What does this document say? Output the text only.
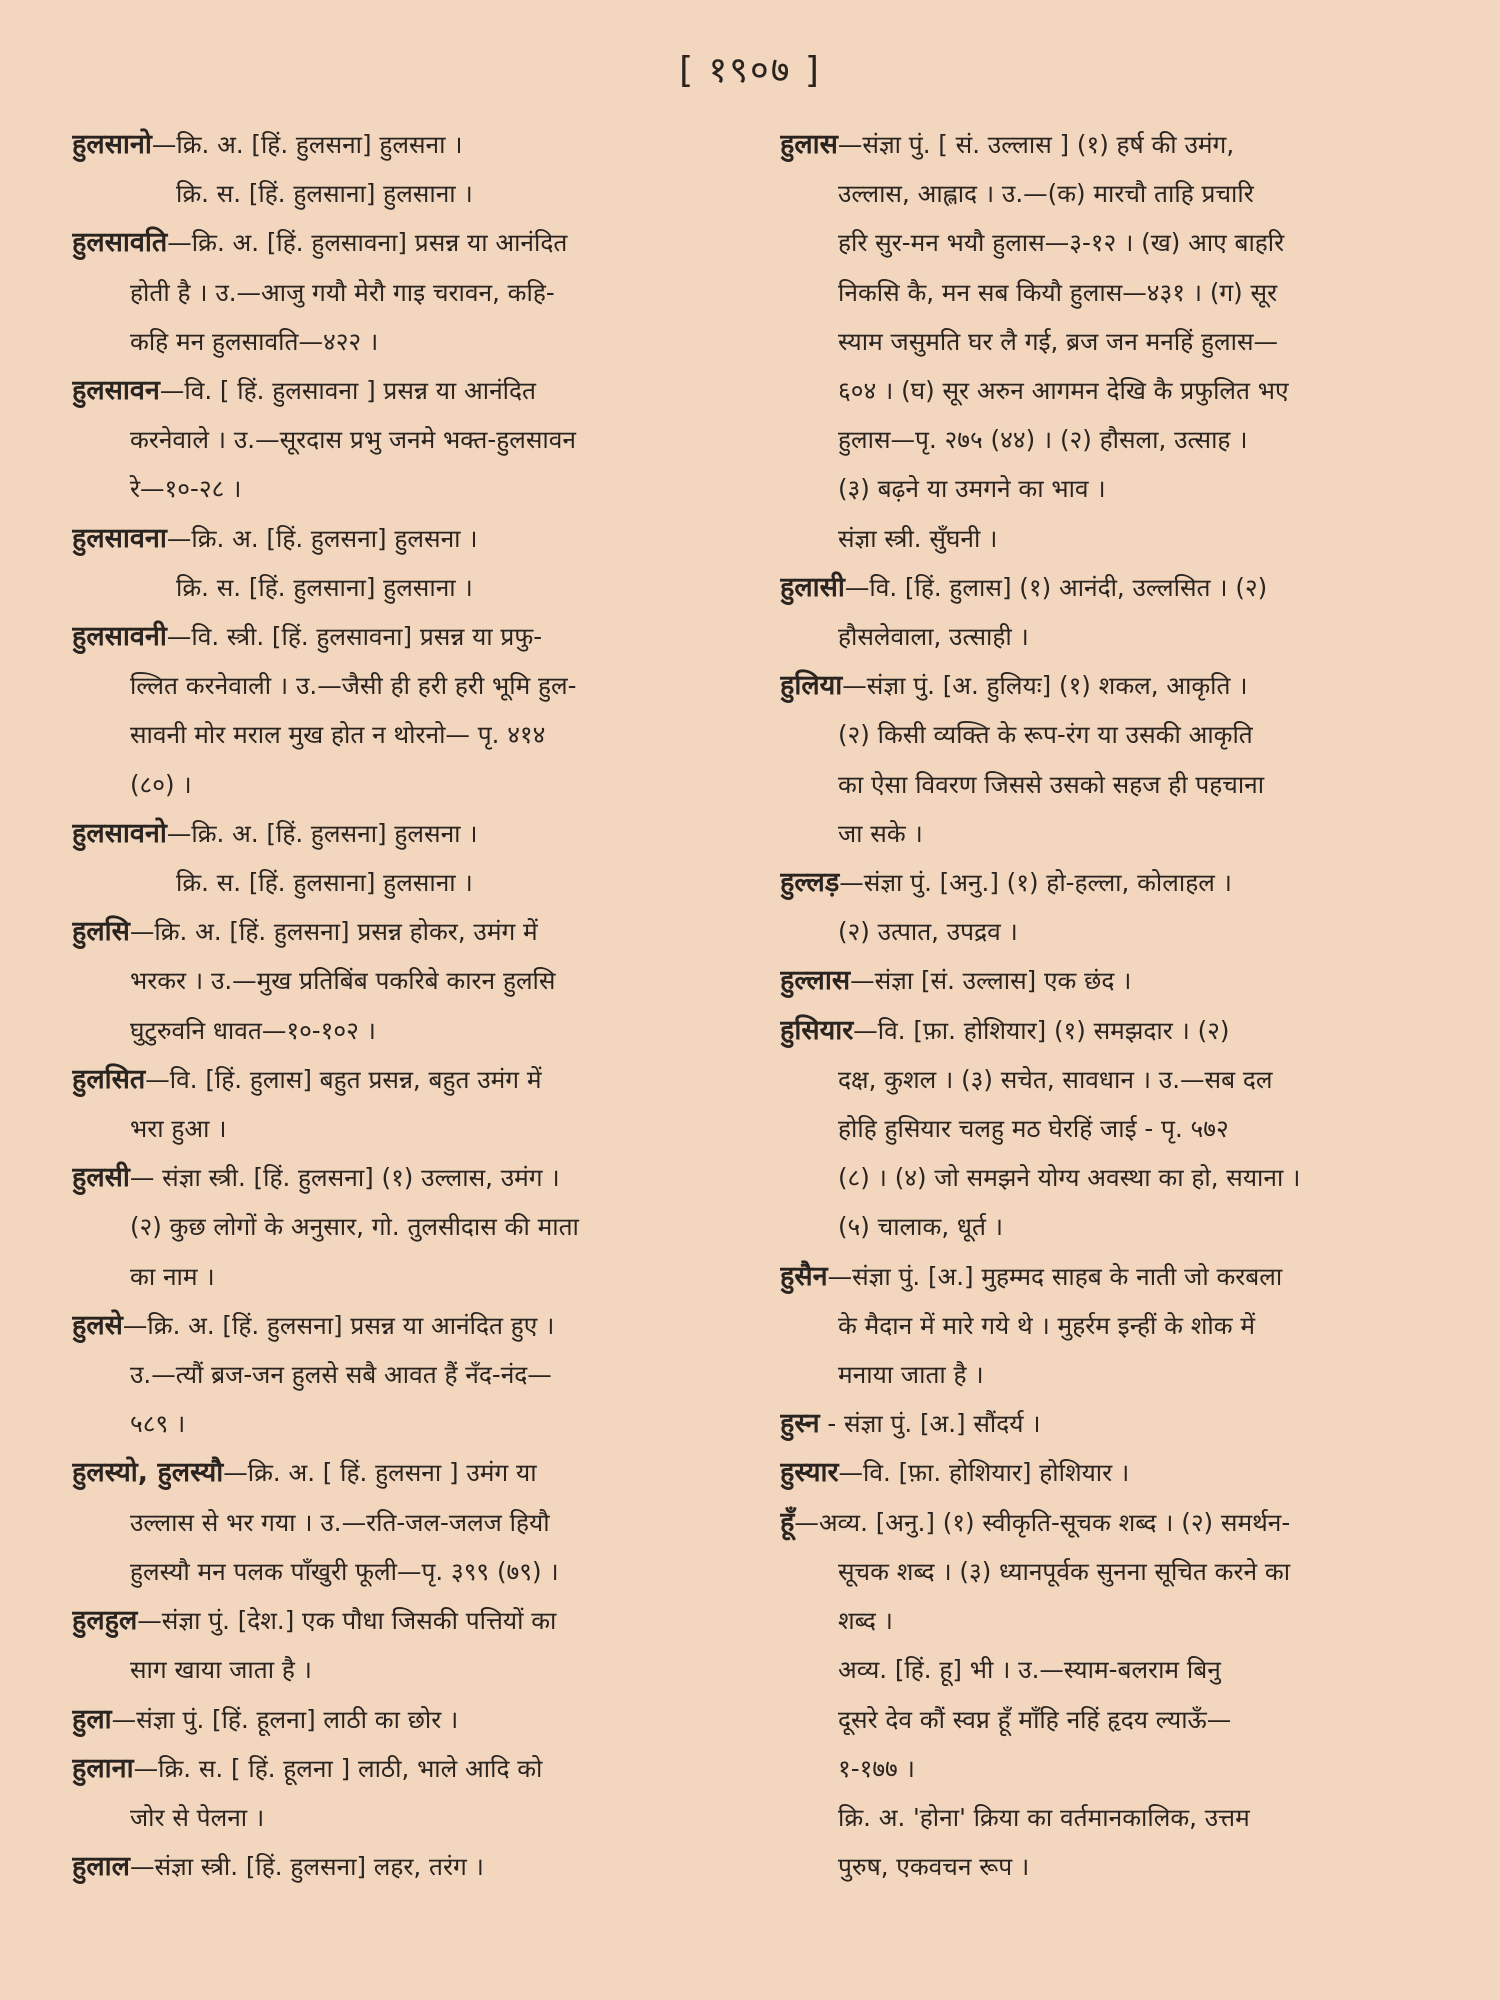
[ १९०७ ]
हुलसानो—क्रि. अ. [हिं. हुलसना] हुलसना ।
क्रि. स. [हिं. हुलसाना] हुलसाना ।
हुलसावति—क्रि. अ. [हिं. हुलसावना] प्रसन्न या आनंदित
होती है । उ.—आजु गयौ मेरौ गाइ चरावन, कहि-
कहि मन हुलसावति—४२२ ।
हुलसावन—वि. [ हिं. हुलसावना ] प्रसन्न या आनंदित
करनेवाले । उ.—सूरदास प्रभु जनमे भक्त-हुलसावन
रे—१०-२८ ।
हुलसावना—क्रि. अ. [हिं. हुलसना] हुलसना ।
क्रि. स. [हिं. हुलसाना] हुलसाना ।
हुलसावनी—वि. स्त्री. [हिं. हुलसावना] प्रसन्न या प्रफु-
ल्लित करनेवाली । उ.—जैसी ही हरी हरी भूमि हुल-
सावनी मोर मराल मुख होत न थोरनो— पृ. ४१४
(८०) ।
हुलसावनो—क्रि. अ. [हिं. हुलसना] हुलसना ।
क्रि. स. [हिं. हुलसाना] हुलसाना ।
हुलसि—क्रि. अ. [हिं. हुलसना] प्रसन्न होकर, उमंग में
भरकर । उ.—मुख प्रतिबिंब पकरिबे कारन हुलसि
घुटुरुवनि धावत—१०-१०२ ।
हुलसित—वि. [हिं. हुलास] बहुत प्रसन्न, बहुत उमंग में
भरा हुआ ।
हुलसी— संज्ञा स्त्री. [हिं. हुलसना] (१) उल्लास, उमंग ।
(२) कुछ लोगों के अनुसार, गो. तुलसीदास की माता
का नाम ।
हुलसे—क्रि. अ. [हिं. हुलसना] प्रसन्न या आनंदित हुए ।
उ.—त्यौं ब्रज-जन हुलसे सबै आवत हैं नँद-नंद—
५८९ ।
हुलस्यो, हुलस्यौ—क्रि. अ. [ हिं. हुलसना ] उमंग या
उल्लास से भर गया । उ.—रति-जल-जलज हियौ
हुलस्यौ मन पलक पाँखुरी फूली—पृ. ३९९ (७९) ।
हुलहुल—संज्ञा पुं. [देश.] एक पौधा जिसकी पत्तियों का
साग खाया जाता है ।
हुला—संज्ञा पुं. [हिं. हूलना] लाठी का छोर ।
हुलाना—क्रि. स. [ हिं. हूलना ] लाठी, भाले आदि को
जोर से पेलना ।
हुलाल—संज्ञा स्त्री. [हिं. हुलसना] लहर, तरंग ।
हुलास—संज्ञा पुं. [ सं. उल्लास ] (१) हर्ष की उमंग,
उल्लास, आह्लाद । उ.—(क) मारचौ ताहि प्रचारि
हरि सुर-मन भयौ हुलास—३-१२ । (ख) आए बाहरि
निकसि कै, मन सब कियौ हुलास—४३१ । (ग) सूर
स्याम जसुमति घर लै गई, ब्रज जन मनहिं हुलास—
६०४ । (घ) सूर अरुन आगमन देखि कै प्रफुलित भए
हुलास—पृ. २७५ (४४) । (२) हौसला, उत्साह ।
(३) बढ़ने या उमगने का भाव ।
संज्ञा स्त्री. सुँघनी ।
हुलासी—वि. [हिं. हुलास] (१) आनंदी, उल्लसित । (२)
हौसलेवाला, उत्साही ।
हुलिया—संज्ञा पुं. [अ. हुलियः] (१) शकल, आकृति ।
(२) किसी व्यक्ति के रूप-रंग या उसकी आकृति
का ऐसा विवरण जिससे उसको सहज ही पहचाना
जा सके ।
हुल्लड़—संज्ञा पुं. [अनु.] (१) हो-हल्ला, कोलाहल ।
(२) उत्पात, उपद्रव ।
हुल्लास—संज्ञा [सं. उल्लास] एक छंद ।
हुसियार—वि. [फ़ा. होशियार] (१) समझदार । (२)
दक्ष, कुशल । (३) सचेत, सावधान । उ.—सब दल
होहि हुसियार चलहु मठ घेरहिं जाई - पृ. ५७२
(८) । (४) जो समझने योग्य अवस्था का हो, सयाना ।
(५) चालाक, धूर्त ।
हुसैन—संज्ञा पुं. [अ.] मुहम्मद साहब के नाती जो करबला
के मैदान में मारे गये थे । मुहर्रम इन्हीं के शोक में
मनाया जाता है ।
हुस्न - संज्ञा पुं. [अ.] सौंदर्य ।
हुस्यार—वि. [फ़ा. होशियार] होशियार ।
हूँ—अव्य. [अनु.] (१) स्वीकृति-सूचक शब्द । (२) समर्थन-
सूचक शब्द । (३) ध्यानपूर्वक सुनना सूचित करने का
शब्द ।
अव्य. [हिं. हू] भी । उ.—स्याम-बलराम बिनु
दूसरे देव कौं स्वप्न हूँ माँहि नहिं हृदय ल्याऊँ—
१-१७७ ।
क्रि. अ. 'होना' क्रिया का वर्तमानकालिक, उत्तम
पुरुष, एकवचन रूप ।
